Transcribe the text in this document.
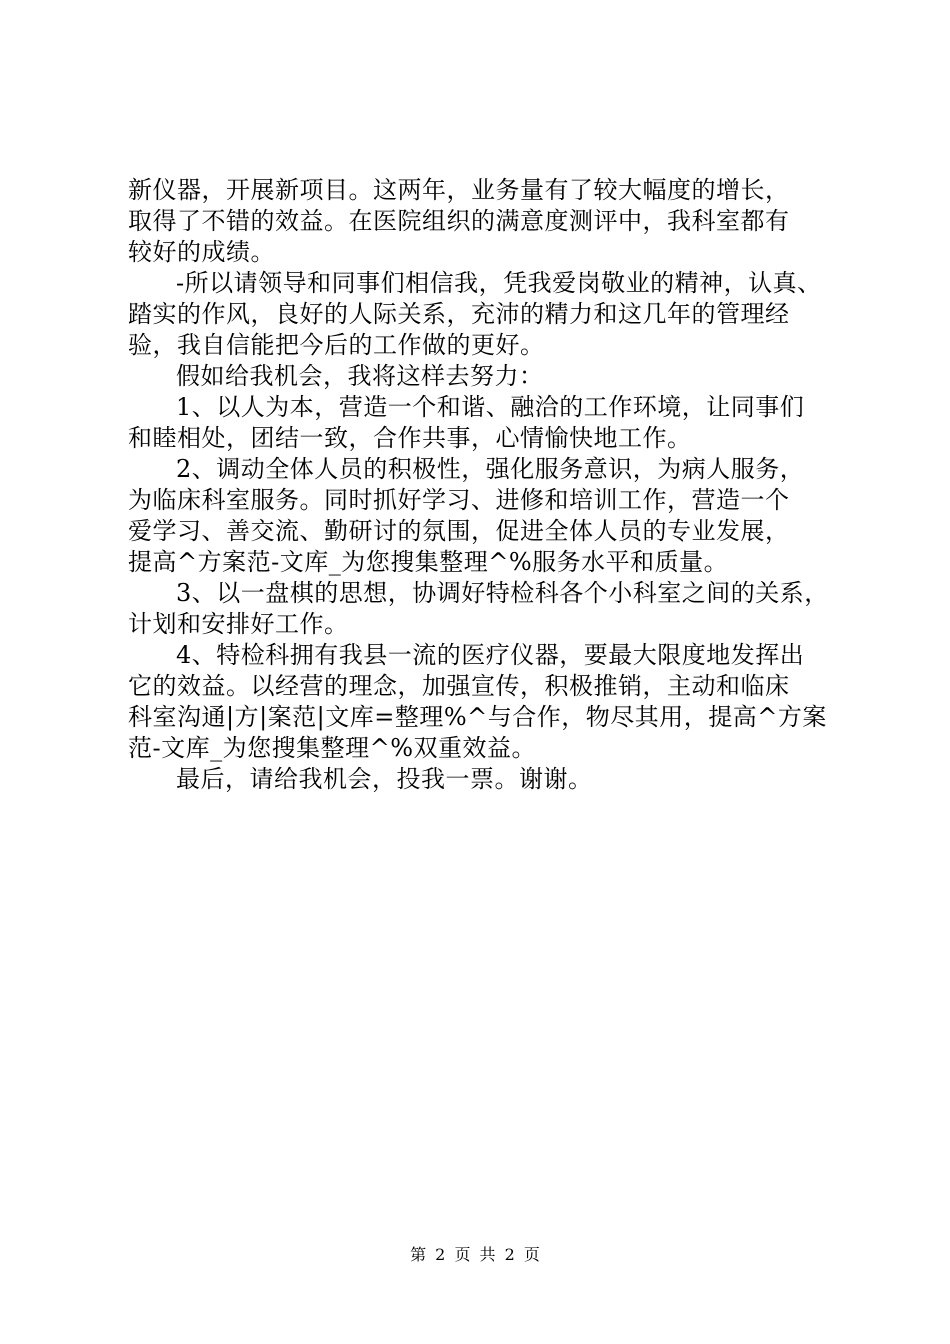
新仪器，开展新项目。这两年，业务量有了较大幅度的增长，

取得了不错的效益。在医院组织的满意度测评中，我科室都有

较好的成绩。

-所以请领导和同事们相信我，凭我爱岗敬业的精神，认真、

踏实的作风，良好的人际关系，充沛的精力和这几年的管理经

验，我自信能把今后的工作做的更好。

假如给我机会，我将这样去努力：

1、以人为本，营造一个和谐、融洽的工作环境，让同事们

和睦相处，团结一致，合作共事，心情愉快地工作。

2、调动全体人员的积极性，强化服务意识，为病人服务，

为临床科室服务。同时抓好学习、进修和培训工作，营造一个

爱学习、善交流、勤研讨的氛围，促进全体人员的专业发展，

提高^方案范-文库_为您搜集整理^%服务水平和质量。

3、以一盘棋的思想，协调好特检科各个小科室之间的关系，

计划和安排好工作。

4、特检科拥有我县一流的医疗仪器，要最大限度地发挥出

它的效益。以经营的理念，加强宣传，积极推销，主动和临床

科室沟通|方|案范|文库=整理%^与合作，物尽其用，提高^方案

范-文库_为您搜集整理^%双重效益。

最后，请给我机会，投我一票。谢谢。

第 2 页 共 2 页
